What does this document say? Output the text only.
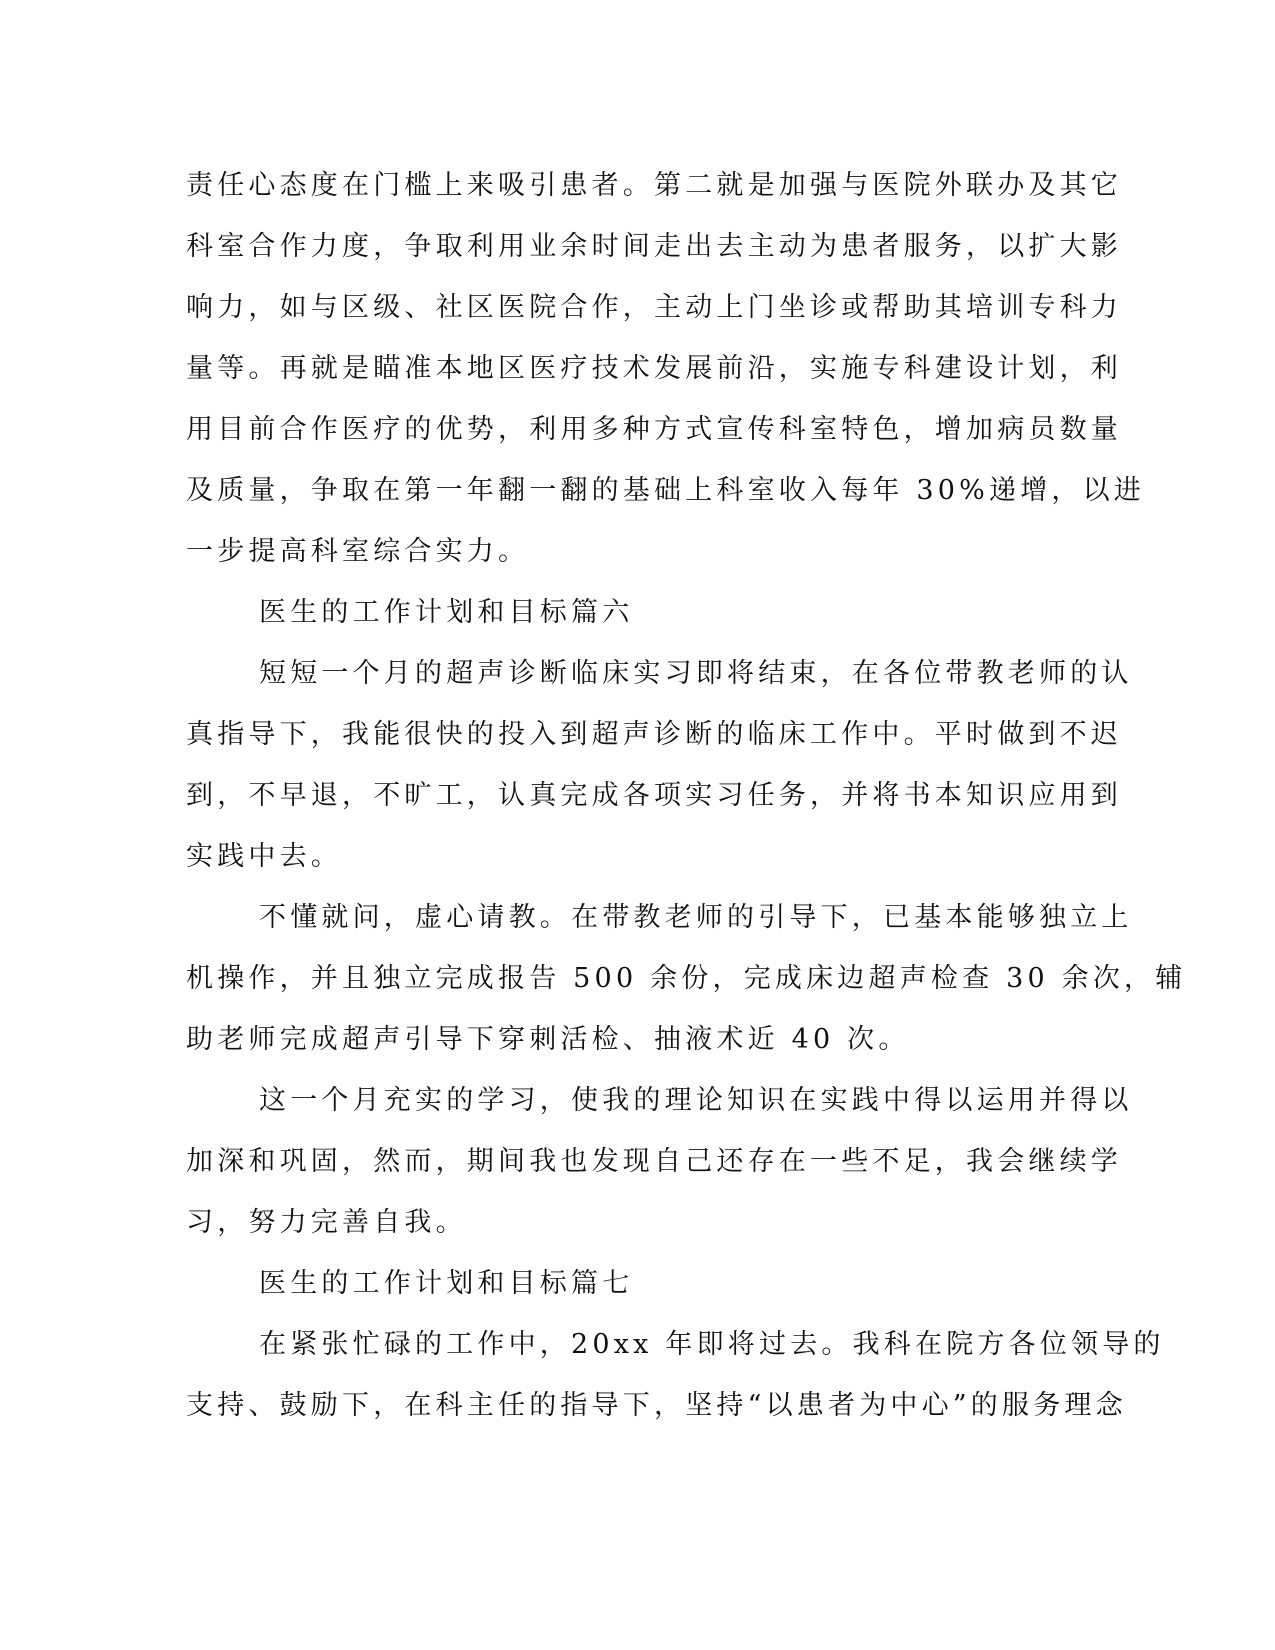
责任心态度在门槛上来吸引患者。第二就是加强与医院外联办及其它
科室合作力度，争取利用业余时间走出去主动为患者服务，以扩大影
响力，如与区级、社区医院合作，主动上门坐诊或帮助其培训专科力
量等。再就是瞄准本地区医疗技术发展前沿，实施专科建设计划，利
用目前合作医疗的优势，利用多种方式宣传科室特色，增加病员数量
及质量，争取在第一年翻一翻的基础上科室收入每年 30%递增，以进
一步提高科室综合实力。
医生的工作计划和目标篇六
短短一个月的超声诊断临床实习即将结束，在各位带教老师的认
真指导下，我能很快的投入到超声诊断的临床工作中。平时做到不迟
到，不早退，不旷工，认真完成各项实习任务，并将书本知识应用到
实践中去。
不懂就问，虚心请教。在带教老师的引导下，已基本能够独立上
机操作，并且独立完成报告 500 余份，完成床边超声检查 30 余次，辅
助老师完成超声引导下穿刺活检、抽液术近 40 次。
这一个月充实的学习，使我的理论知识在实践中得以运用并得以
加深和巩固，然而，期间我也发现自己还存在一些不足，我会继续学
习，努力完善自我。
医生的工作计划和目标篇七
在紧张忙碌的工作中，20xx 年即将过去。我科在院方各位领导的
支持、鼓励下，在科主任的指导下，坚持“以患者为中心”的服务理念
